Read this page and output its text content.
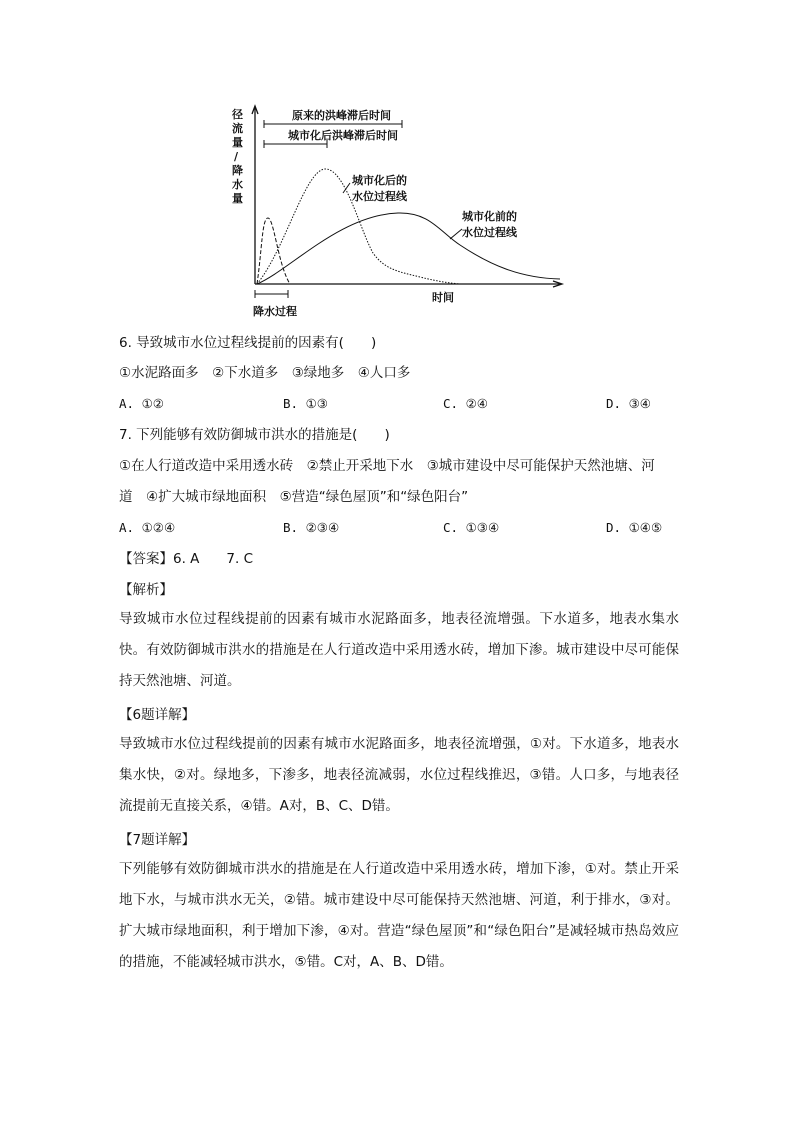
径
流
量
/
降
水
量
时间
原来的洪峰滞后时间
城市化后洪峰滞后时间
城市化后的
水位过程线
城市化前的
水位过程线
降水过程
6. 导致城市水位过程线提前的因素有(　　)
①水泥路面多　②下水道多　③绿地多　④人口多
A. ①②	B. ①③	C. ②④	D. ③④
7. 下列能够有效防御城市洪水的措施是(　　)
①在人行道改造中采用透水砖　②禁止开采地下水　③城市建设中尽可能保护天然池塘、河
道　④扩大城市绿地面积　⑤营造“绿色屋顶”和“绿色阳台”
A. ①②④	B. ②③④	C. ①③④	D. ①④⑤
【答案】6. A　　7. C
【解析】
导致城市水位过程线提前的因素有城市水泥路面多，地表径流增强。下水道多，地表水集水快。有效防御城市洪水的措施是在人行道改造中采用透水砖，增加下渗。城市建设中尽可能保持天然池塘、河道。
【6题详解】
导致城市水位过程线提前的因素有城市水泥路面多，地表径流增强，①对。下水道多，地表水集水快，②对。绿地多，下渗多，地表径流减弱，水位过程线推迟，③错。人口多，与地表径流提前无直接关系，④错。A对，B、C、D错。
【7题详解】
下列能够有效防御城市洪水的措施是在人行道改造中采用透水砖，增加下渗，①对。禁止开采地下水，与城市洪水无关，②错。城市建设中尽可能保持天然池塘、河道，利于排水，③对。扩大城市绿地面积，利于增加下渗，④对。营造“绿色屋顶”和“绿色阳台”是减轻城市热岛效应的措施，不能减轻城市洪水，⑤错。C对，A、B、D错。
